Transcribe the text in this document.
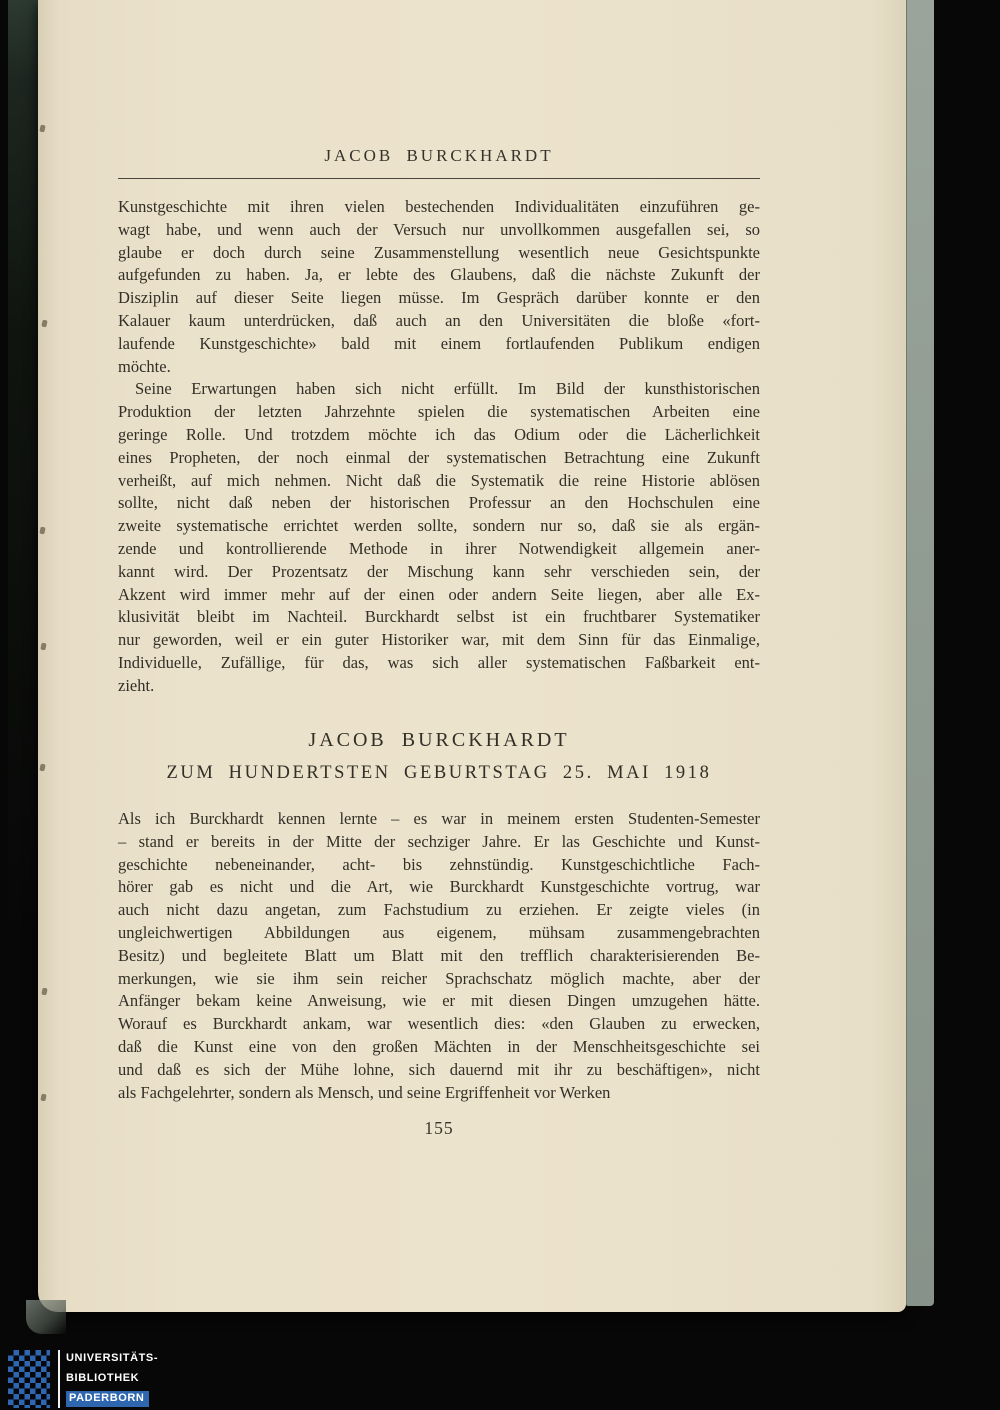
JACOB BURCKHARDT
Kunstgeschichte mit ihren vielen bestechenden Individualitäten einzuführen ge-
wagt habe, und wenn auch der Versuch nur unvollkommen ausgefallen sei, so
glaube er doch durch seine Zusammenstellung wesentlich neue Gesichtspunkte
aufgefunden zu haben. Ja, er lebte des Glaubens, daß die nächste Zukunft der
Disziplin auf dieser Seite liegen müsse. Im Gespräch darüber konnte er den
Kalauer kaum unterdrücken, daß auch an den Universitäten die bloße «fort-
laufende Kunstgeschichte» bald mit einem fortlaufenden Publikum endigen
möchte.
Seine Erwartungen haben sich nicht erfüllt. Im Bild der kunsthistorischen
Produktion der letzten Jahrzehnte spielen die systematischen Arbeiten eine
geringe Rolle. Und trotzdem möchte ich das Odium oder die Lächerlichkeit
eines Propheten, der noch einmal der systematischen Betrachtung eine Zukunft
verheißt, auf mich nehmen. Nicht daß die Systematik die reine Historie ablösen
sollte, nicht daß neben der historischen Professur an den Hochschulen eine
zweite systematische errichtet werden sollte, sondern nur so, daß sie als ergän-
zende und kontrollierende Methode in ihrer Notwendigkeit allgemein aner-
kannt wird. Der Prozentsatz der Mischung kann sehr verschieden sein, der
Akzent wird immer mehr auf der einen oder andern Seite liegen, aber alle Ex-
klusivität bleibt im Nachteil. Burckhardt selbst ist ein fruchtbarer Systematiker
nur geworden, weil er ein guter Historiker war, mit dem Sinn für das Einmalige,
Individuelle, Zufällige, für das, was sich aller systematischen Faßbarkeit ent-
zieht.
JACOB BURCKHARDT
ZUM HUNDERTSTEN GEBURTSTAG 25. MAI 1918
Als ich Burckhardt kennen lernte – es war in meinem ersten Studenten-Semester
– stand er bereits in der Mitte der sechziger Jahre. Er las Geschichte und Kunst-
geschichte nebeneinander, acht- bis zehnstündig. Kunstgeschichtliche Fach-
hörer gab es nicht und die Art, wie Burckhardt Kunstgeschichte vortrug, war
auch nicht dazu angetan, zum Fachstudium zu erziehen. Er zeigte vieles (in
ungleichwertigen Abbildungen aus eigenem, mühsam zusammengebrachten
Besitz) und begleitete Blatt um Blatt mit den trefflich charakterisierenden Be-
merkungen, wie sie ihm sein reicher Sprachschatz möglich machte, aber der
Anfänger bekam keine Anweisung, wie er mit diesen Dingen umzugehen hätte.
Worauf es Burckhardt ankam, war wesentlich dies: «den Glauben zu erwecken,
daß die Kunst eine von den großen Mächten in der Menschheitsgeschichte sei
und daß es sich der Mühe lohne, sich dauernd mit ihr zu beschäftigen», nicht
als Fachgelehrter, sondern als Mensch, und seine Ergriffenheit vor Werken
155
UNIVERSITÄTS-
BIBLIOTHEK
PADERBORN
